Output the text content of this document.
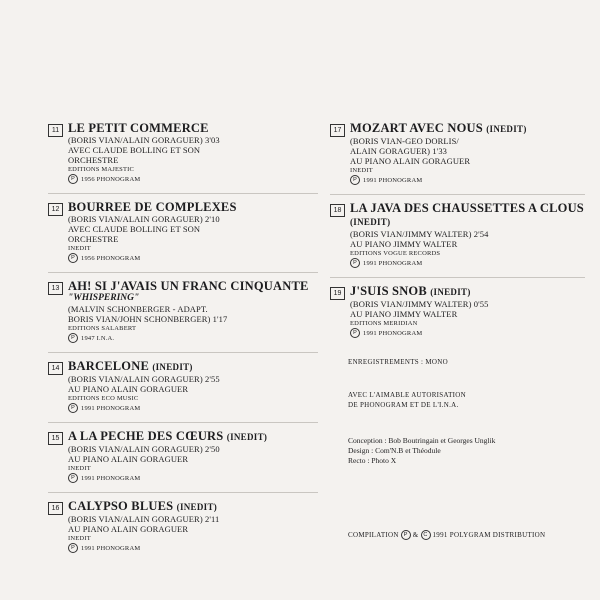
11 LE PETIT COMMERCE
(BORIS VIAN/ALAIN GORAGUER) 3'03
AVEC CLAUDE BOLLING ET SON
ORCHESTRE
EDITIONS MAJESTIC
P 1956 PHONOGRAM
12 BOURREE DE COMPLEXES
(BORIS VIAN/ALAIN GORAGUER) 2'10
AVEC CLAUDE BOLLING ET SON
ORCHESTRE
INEDIT
P 1956 PHONOGRAM
13 AH! SI J'AVAIS UN FRANC CINQUANTE
"WHISPERING"
(MALVIN SCHONBERGER - ADAPT.
BORIS VIAN/JOHN SCHONBERGER) 1'17
EDITIONS SALABERT
P 1947 I.N.A.
14 BARCELONE (INEDIT)
(BORIS VIAN/ALAIN GORAGUER) 2'55
AU PIANO ALAIN GORAGUER
EDITIONS ECO MUSIC
P 1991 PHONOGRAM
15 A LA PECHE DES CŒURS (INEDIT)
(BORIS VIAN/ALAIN GORAGUER) 2'50
AU PIANO ALAIN GORAGUER
INEDIT
P 1991 PHONOGRAM
16 CALYPSO BLUES (INEDIT)
(BORIS VIAN/ALAIN GORAGUER) 2'11
AU PIANO ALAIN GORAGUER
INEDIT
P 1991 PHONOGRAM
17 MOZART AVEC NOUS (INEDIT)
(BORIS VIAN-GEO DORLIS/
ALAIN GORAGUER) 1'33
AU PIANO ALAIN GORAGUER
INEDIT
P 1991 PHONOGRAM
18 LA JAVA DES CHAUSSETTES A CLOUS (INEDIT)
(BORIS VIAN/JIMMY WALTER) 2'54
AU PIANO JIMMY WALTER
EDITIONS VOGUE RECORDS
P 1991 PHONOGRAM
19 J'SUIS SNOB (INEDIT)
(BORIS VIAN/JIMMY WALTER) 0'55
AU PIANO JIMMY WALTER
EDITIONS MERIDIAN
P 1991 PHONOGRAM
ENREGISTREMENTS : MONO
AVEC L'AIMABLE AUTORISATION
DE PHONOGRAM ET DE L'I.N.A.
Conception : Bob Boutringain et Georges Unglik
Design : Com'N.B et Théodule
Recto : Photo X
COMPILATION P & C 1991 POLYGRAM DISTRIBUTION
